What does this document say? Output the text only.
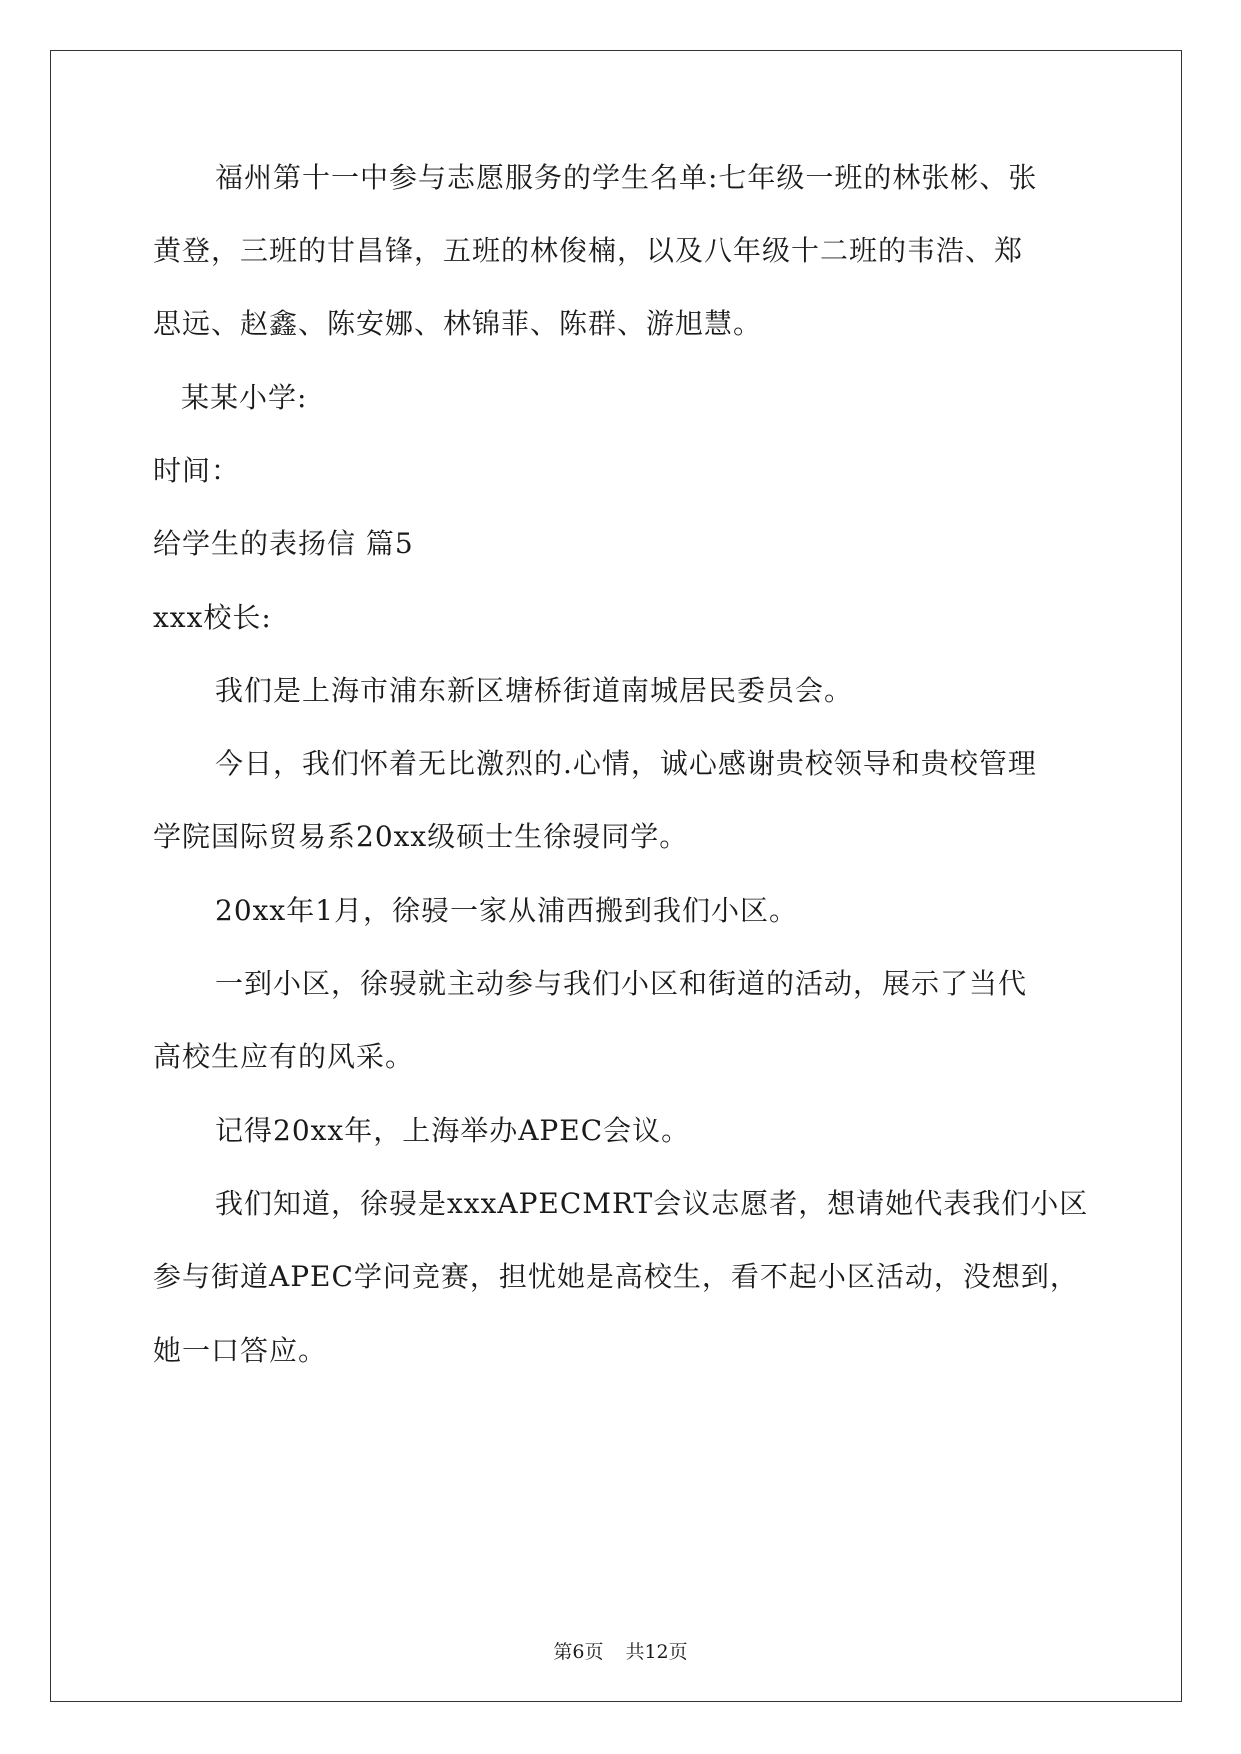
福州第十一中参与志愿服务的学生名单:七年级一班的林张彬、张
黄登，三班的甘昌锋，五班的林俊楠，以及八年级十二班的韦浩、郑
思远、赵鑫、陈安娜、林锦菲、陈群、游旭慧。
某某小学:
时间：
给学生的表扬信 篇5
xxx校长:
我们是上海市浦东新区塘桥街道南城居民委员会。
今日，我们怀着无比激烈的.心情，诚心感谢贵校领导和贵校管理
学院国际贸易系20xx级硕士生徐骎同学。
20xx年1月，徐骎一家从浦西搬到我们小区。
一到小区，徐骎就主动参与我们小区和街道的活动，展示了当代
高校生应有的风采。
记得20xx年，上海举办APEC会议。
我们知道，徐骎是xxxAPECMRT会议志愿者，想请她代表我们小区
参与街道APEC学问竞赛，担忧她是高校生，看不起小区活动，没想到，
她一口答应。
第6页 共12页
